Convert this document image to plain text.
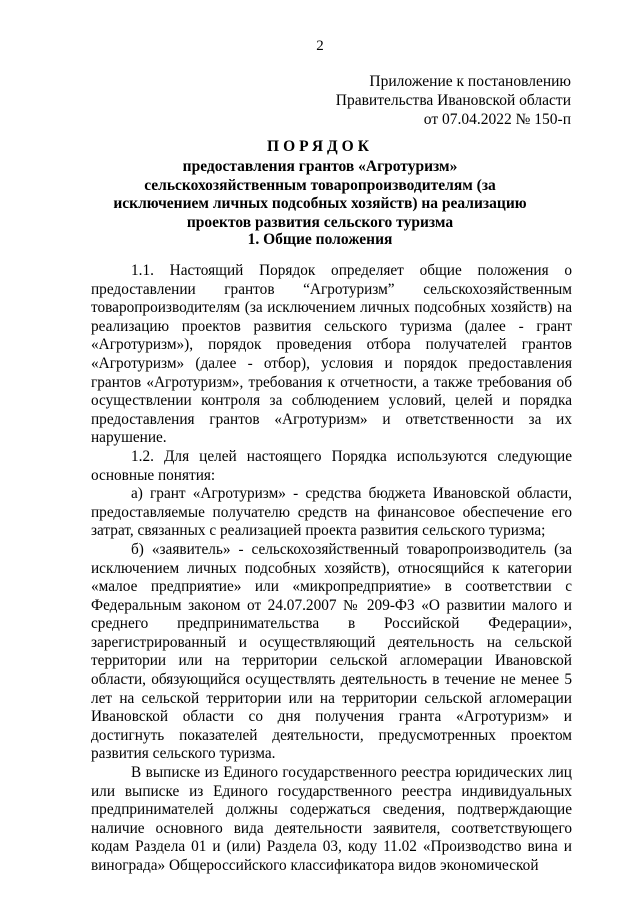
2
Приложение к постановлению
Правительства Ивановской области
от 07.04.2022 № 150-п
ПОРЯДОК
предоставления грантов «Агротуризм» сельскохозяйственным товаропроизводителям (за исключением личных подсобных хозяйств) на реализацию проектов развития сельского туризма
1. Общие положения

1.1. Настоящий Порядок определяет общие положения о предоставлении грантов “Агротуризм” сельскохозяйственным товаропроизводителям (за исключением личных подсобных хозяйств) на реализацию проектов развития сельского туризма (далее - грант «Агротуризм»), порядок проведения отбора получателей грантов «Агротуризм» (далее - отбор), условия и порядок предоставления грантов «Агротуризм», требования к отчетности, а также требования об осуществлении контроля за соблюдением условий, целей и порядка предоставления грантов «Агротуризм» и ответственности за их нарушение.

1.2. Для целей настоящего Порядка используются следующие основные понятия:

а) грант «Агротуризм» - средства бюджета Ивановской области, предоставляемые получателю средств на финансовое обеспечение его затрат, связанных с реализацией проекта развития сельского туризма;

б) «заявитель» - сельскохозяйственный товаропроизводитель (за исключением личных подсобных хозяйств), относящийся к категории «малое предприятие» или «микропредприятие» в соответствии с Федеральным законом от 24.07.2007 № 209-ФЗ «О развитии малого и среднего предпринимательства в Российской Федерации», зарегистрированный и осуществляющий деятельность на сельской территории или на территории сельской агломерации Ивановской области, обязующийся осуществлять деятельность в течение не менее 5 лет на сельской территории или на территории сельской агломерации Ивановской области со дня получения гранта «Агротуризм» и достигнуть показателей деятельности, предусмотренных проектом развития сельского туризма.

В выписке из Единого государственного реестра юридических лиц или выписке из Единого государственного реестра индивидуальных предпринимателей должны содержаться сведения, подтверждающие наличие основного вида деятельности заявителя, соответствующего кодам Раздела 01 и (или) Раздела 03, коду 11.02 «Производство вина и винограда» Общероссийского классификатора видов экономической
